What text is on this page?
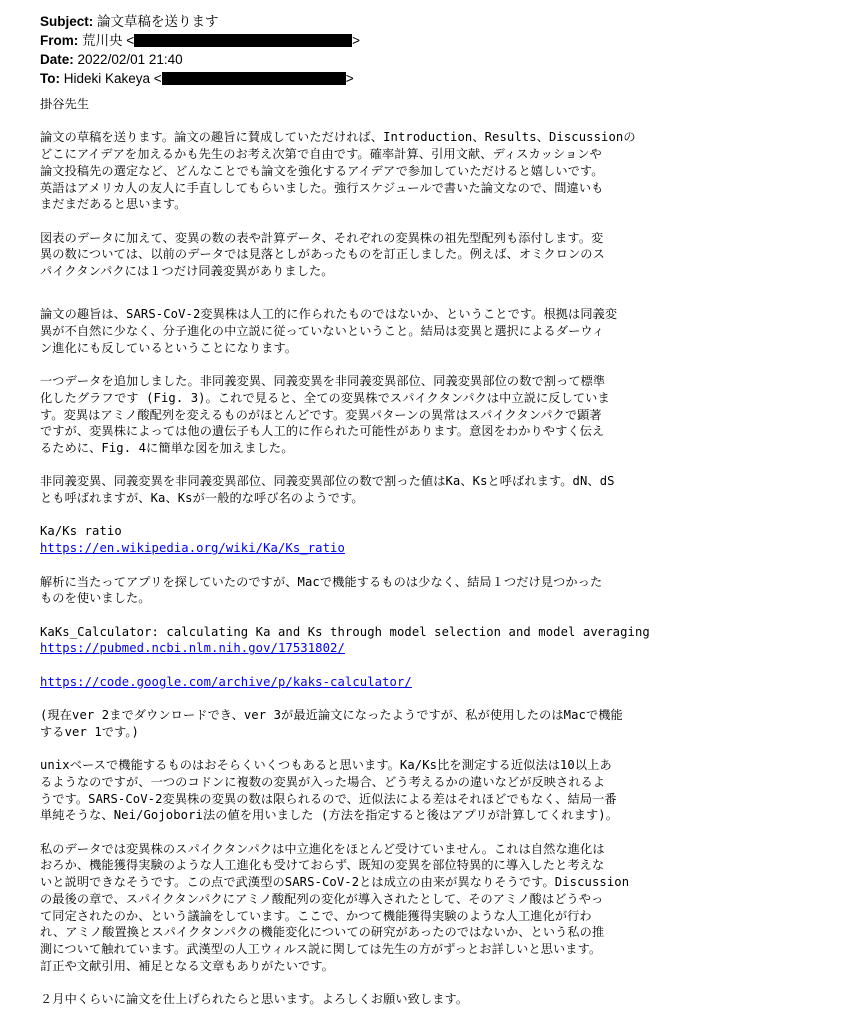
Subject: 論文草稿を送ります
From: 荒川央 <	>
Date: 2022/02/01 21:40
To: Hideki Kakeya <	>
掛谷先生
論文の草稿を送ります。論文の趣旨に賛成していただければ、Introduction、Results、Discussionの
どこにアイデアを加えるかも先生のお考え次第で自由です。確率計算、引用文献、ディスカッションや
論文投稿先の選定など、どんなことでも論文を強化するアイデアで参加していただけると嬉しいです。
英語はアメリカ人の友人に手直ししてもらいました。強行スケジュールで書いた論文なので、間違いも
まだまだあると思います。
図表のデータに加えて、変異の数の表や計算データ、それぞれの変異株の祖先型配列も添付します。変
異の数については、以前のデータでは見落としがあったものを訂正しました。例えば、オミクロンのス
パイクタンパクには１つだけ同義変異がありました。
論文の趣旨は、SARS-CoV-2変異株は人工的に作られたものではないか、ということです。根拠は同義変
異が不自然に少なく、分子進化の中立説に従っていないということ。結局は変異と選択によるダーウィ
ン進化にも反しているということになります。
一つデータを追加しました。非同義変異、同義変異を非同義変異部位、同義変異部位の数で割って標準
化したグラフです (Fig. 3)。これで見ると、全ての変異株でスパイクタンパクは中立説に反していま
す。変異はアミノ酸配列を変えるものがほとんどです。変異パターンの異常はスパイクタンパクで顕著
ですが、変異株によっては他の遺伝子も人工的に作られた可能性があります。意図をわかりやすく伝え
るために、Fig. 4に簡単な図を加えました。
非同義変異、同義変異を非同義変異部位、同義変異部位の数で割った値はKa、Ksと呼ばれます。dN、dS
とも呼ばれますが、Ka、Ksが一般的な呼び名のようです。
Ka/Ks ratio
https://en.wikipedia.org/wiki/Ka/Ks_ratio
解析に当たってアプリを探していたのですが、Macで機能するものは少なく、結局１つだけ見つかった
ものを使いました。
KaKs_Calculator: calculating Ka and Ks through model selection and model averaging
https://pubmed.ncbi.nlm.nih.gov/17531802/
https://code.google.com/archive/p/kaks-calculator/
(現在ver 2までダウンロードでき、ver 3が最近論文になったようですが、私が使用したのはMacで機能
するver 1です。)
unixベースで機能するものはおそらくいくつもあると思います。Ka/Ks比を測定する近似法は10以上あ
るようなのですが、一つのコドンに複数の変異が入った場合、どう考えるかの違いなどが反映されるよ
うです。SARS-CoV-2変異株の変異の数は限られるので、近似法による差はそれほどでもなく、結局一番
単純そうな、Nei/Gojobori法の値を用いました (方法を指定すると後はアプリが計算してくれます)。
私のデータでは変異株のスパイクタンパクは中立進化をほとんど受けていません。これは自然な進化は
おろか、機能獲得実験のような人工進化も受けておらず、既知の変異を部位特異的に導入したと考えな
いと説明できなそうです。この点で武漢型のSARS-CoV-2とは成立の由来が異なりそうです。Discussion
の最後の章で、スパイクタンパクにアミノ酸配列の変化が導入されたとして、そのアミノ酸はどうやっ
て同定されたのか、という議論をしています。ここで、かつて機能獲得実験のような人工進化が行わ
れ、アミノ酸置換とスパイクタンパクの機能変化についての研究があったのではないか、という私の推
測について触れています。武漢型の人工ウィルス説に関しては先生の方がずっとお詳しいと思います。
訂正や文献引用、補足となる文章もありがたいです。
２月中くらいに論文を仕上げられたらと思います。よろしくお願い致します。
